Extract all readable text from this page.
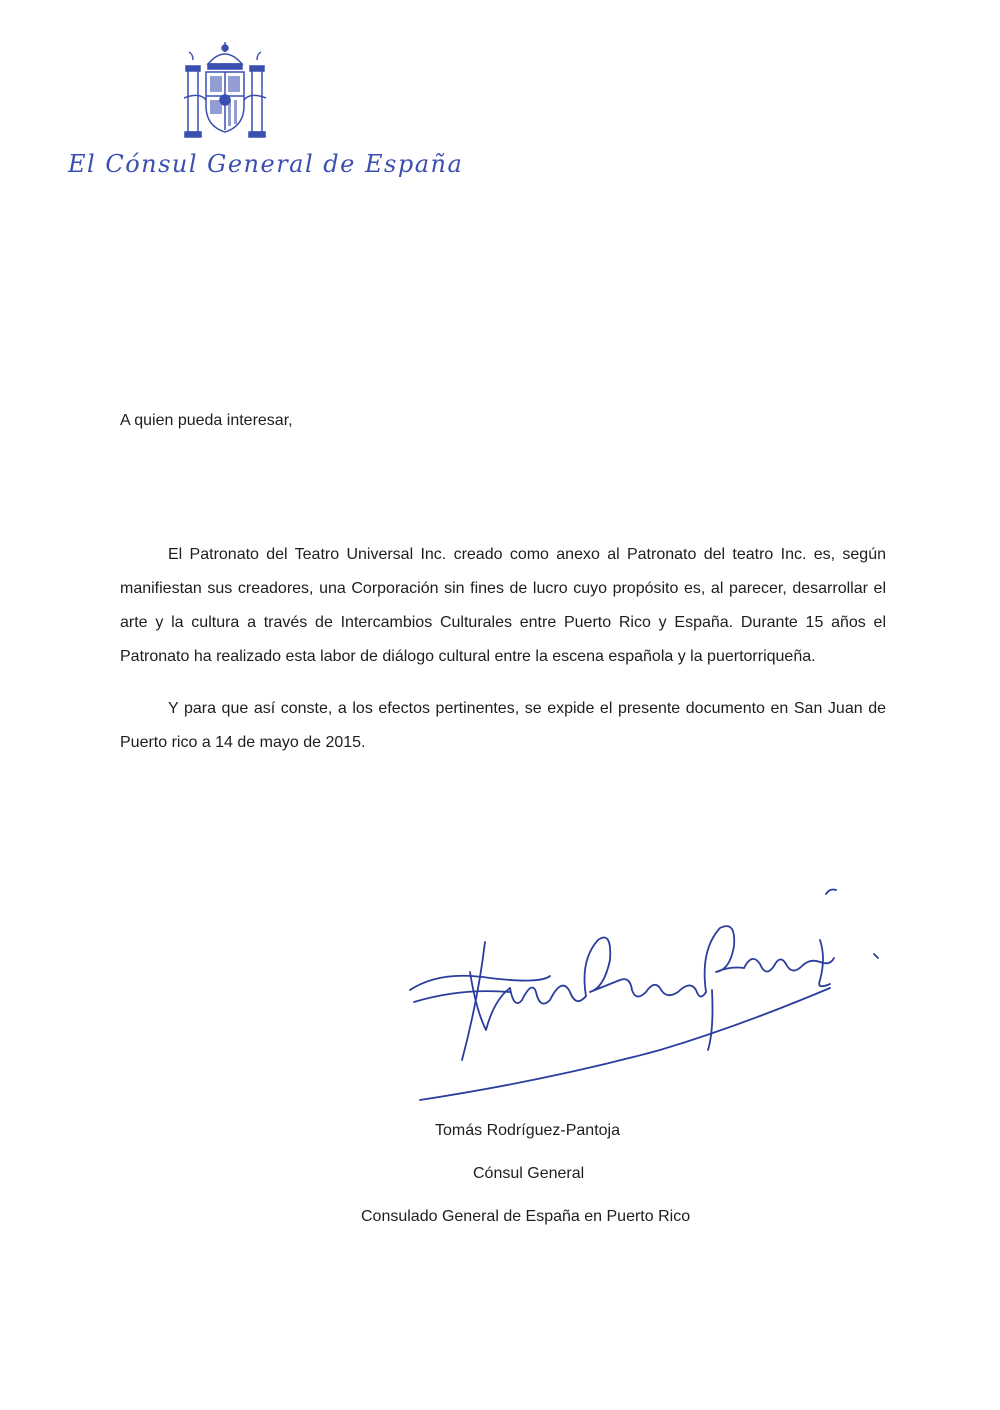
El Cónsul General de España
A quien pueda interesar,

El Patronato del Teatro Universal Inc. creado como anexo al Patronato del teatro Inc. es, según manifiestan sus creadores, una Corporación sin fines de lucro cuyo propósito es, al parecer, desarrollar el arte y la cultura a través de Intercambios Culturales entre Puerto Rico y España. Durante 15 años el Patronato ha realizado esta labor de diálogo cultural entre la escena española y la puertorriqueña.

Y para que así conste, a los efectos pertinentes, se expide el presente documento en San Juan de Puerto rico a 14 de mayo de 2015.

Tomás Rodríguez-Pantoja
Cónsul General
Consulado General de España en Puerto Rico
